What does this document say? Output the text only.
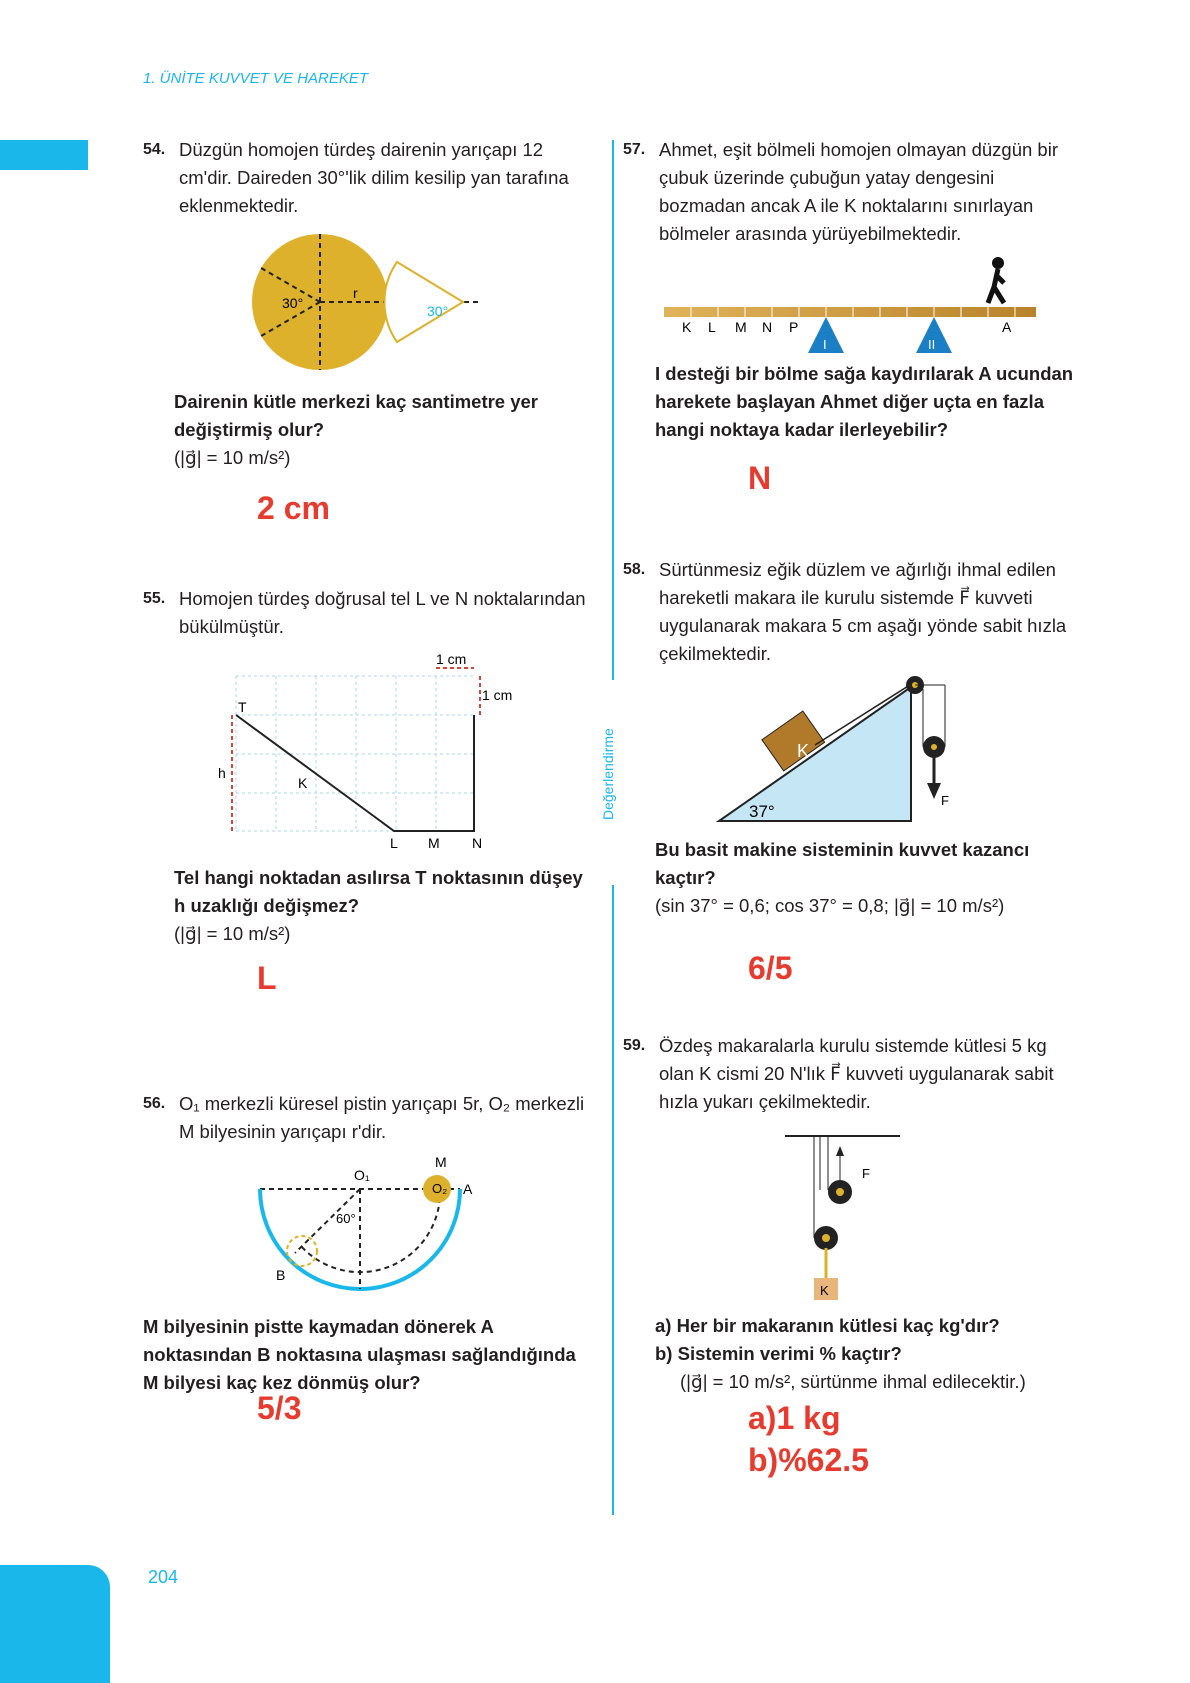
1. ÜNİTE KUVVET VE HAREKET
Değerlendirme
204
54. Düzgün homojen türdeş dairenin yarıçapı 12 cm'dir. Daireden 30°'lik dilim kesilip yan tarafına eklenmektedir.
30°
r
30°
Dairenin kütle merkezi kaç santimetre yer değiştirmiş olur?
(|g⃗| = 10 m/s²)
2 cm
55. Homojen türdeş doğrusal tel L ve N noktalarından bükülmüştür.
1 cm
1 cm
T
h
K
L M N
Tel hangi noktadan asılırsa T noktasının düşey h uzaklığı değişmez?
(|g⃗| = 10 m/s²)
L
56. O₁ merkezli küresel pistin yarıçapı 5r, O₂ merkezli M bilyesinin yarıçapı r'dir.
O₁
M
O₂ A
60°
B
M bilyesinin pistte kaymadan dönerek A noktasından B noktasına ulaşması sağlandığında M bilyesi kaç kez dönmüş olur?
5/3
57. Ahmet, eşit bölmeli homojen olmayan düzgün bir çubuk üzerinde çubuğun yatay dengesini bozmadan ancak A ile K noktalarını sınırlayan bölmeler arasında yürüyebilmektedir.
K L M N P	A
I	II
I desteği bir bölme sağa kaydırılarak A ucundan harekete başlayan Ahmet diğer uçta en fazla hangi noktaya kadar ilerleyebilir?
N
58. Sürtünmesiz eğik düzlem ve ağırlığı ihmal edilen hareketli makara ile kurulu sistemde F⃗ kuvveti uygulanarak makara 5 cm aşağı yönde sabit hızla çekilmektedir.
K
37°
F
Bu basit makine sisteminin kuvvet kazancı kaçtır?
(sin 37° = 0,6; cos 37° = 0,8; |g⃗| = 10 m/s²)
6/5
59. Özdeş makaralarla kurulu sistemde kütlesi 5 kg olan K cismi 20 N'lık F⃗ kuvveti uygulanarak sabit hızla yukarı çekilmektedir.
F
K
a) Her bir makaranın kütlesi kaç kg'dır?
b) Sistemin verimi % kaçtır?
(|g⃗| = 10 m/s², sürtünme ihmal edilecektir.)
a)1 kg
b)%62.5
